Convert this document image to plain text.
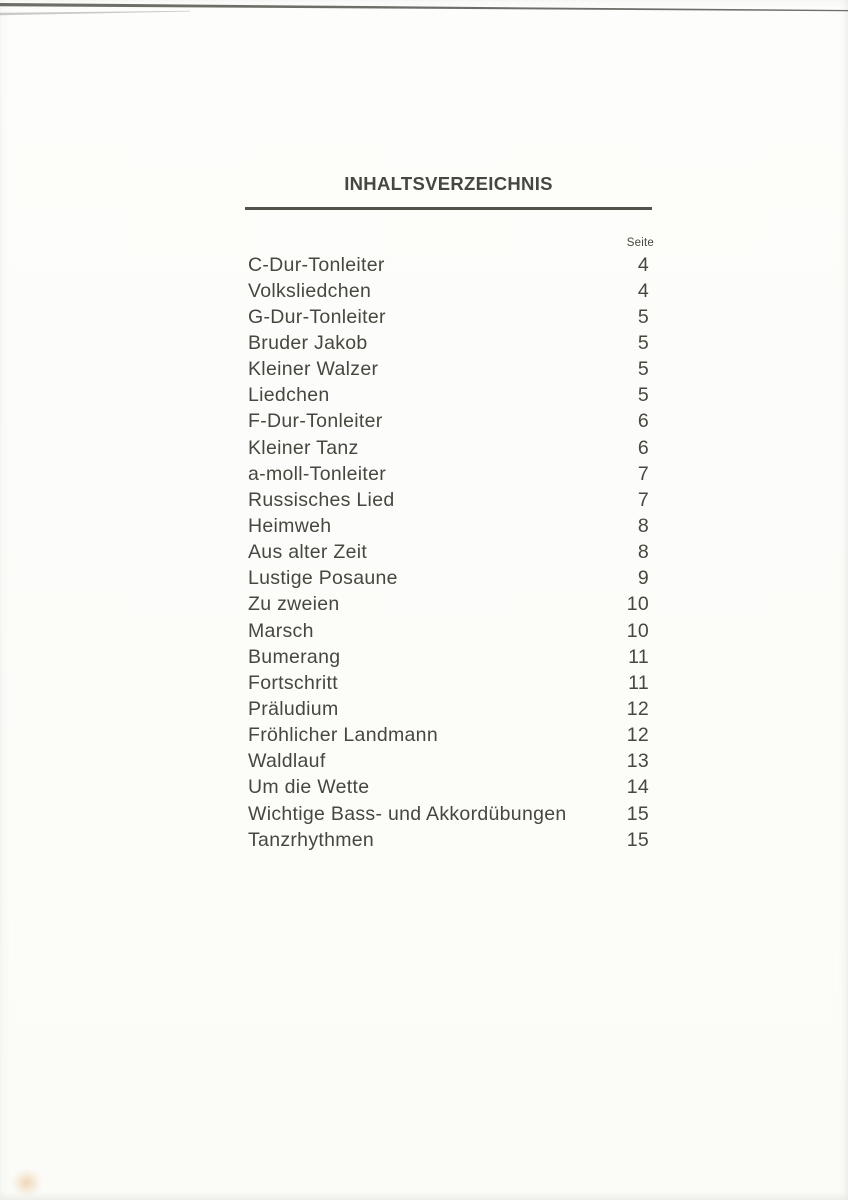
INHALTSVERZEICHNIS
Seite
C-Dur-Tonleiter	4
Volksliedchen	4
G-Dur-Tonleiter	5
Bruder Jakob	5
Kleiner Walzer	5
Liedchen	5
F-Dur-Tonleiter	6
Kleiner Tanz	6
a-moll-Tonleiter	7
Russisches Lied	7
Heimweh	8
Aus alter Zeit	8
Lustige Posaune	9
Zu zweien	10
Marsch	10
Bumerang	11
Fortschritt	11
Präludium	12
Fröhlicher Landmann	12
Waldlauf	13
Um die Wette	14
Wichtige Bass- und Akkordübungen	15
Tanzrhythmen	15
